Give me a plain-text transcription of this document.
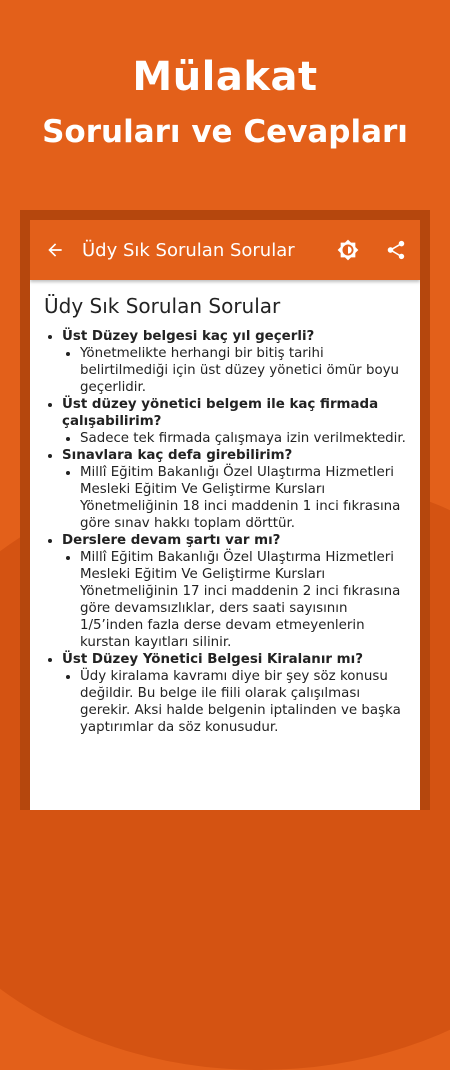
Mülakat
Soruları ve Cevapları
Üdy Sık Sorulan Sorular
Üdy Sık Sorulan Sorular
• Üst Düzey belgesi kaç yıl geçerli?
• Yönetmelikte herhangi bir bitiş tarihi belirtilmediği için üst düzey yönetici ömür boyu geçerlidir.
• Üst düzey yönetici belgem ile kaç firmada çalışabilirim?
• Sadece tek firmada çalışmaya izin verilmektedir.
• Sınavlara kaç defa girebilirim?
• Millî Eğitim Bakanlığı Özel Ulaştırma Hizmetleri Mesleki Eğitim Ve Geliştirme Kursları Yönetmeliğinin 18 inci maddenin 1 inci fıkrasına göre sınav hakkı toplam dörttür.
• Derslere devam şartı var mı?
• Millî Eğitim Bakanlığı Özel Ulaştırma Hizmetleri Mesleki Eğitim Ve Geliştirme Kursları Yönetmeliğinin 17 inci maddenin 2 inci fıkrasına göre devamsızlıklar, ders saati sayısının 1/5’inden fazla derse devam etmeyenlerin kurstan kayıtları silinir.
• Üst Düzey Yönetici Belgesi Kiralanır mı?
• Üdy kiralama kavramı diye bir şey söz konusu değildir. Bu belge ile fiili olarak çalışılması gerekir. Aksi halde belgenin iptalinden ve başka yaptırımlar da söz konusudur.
